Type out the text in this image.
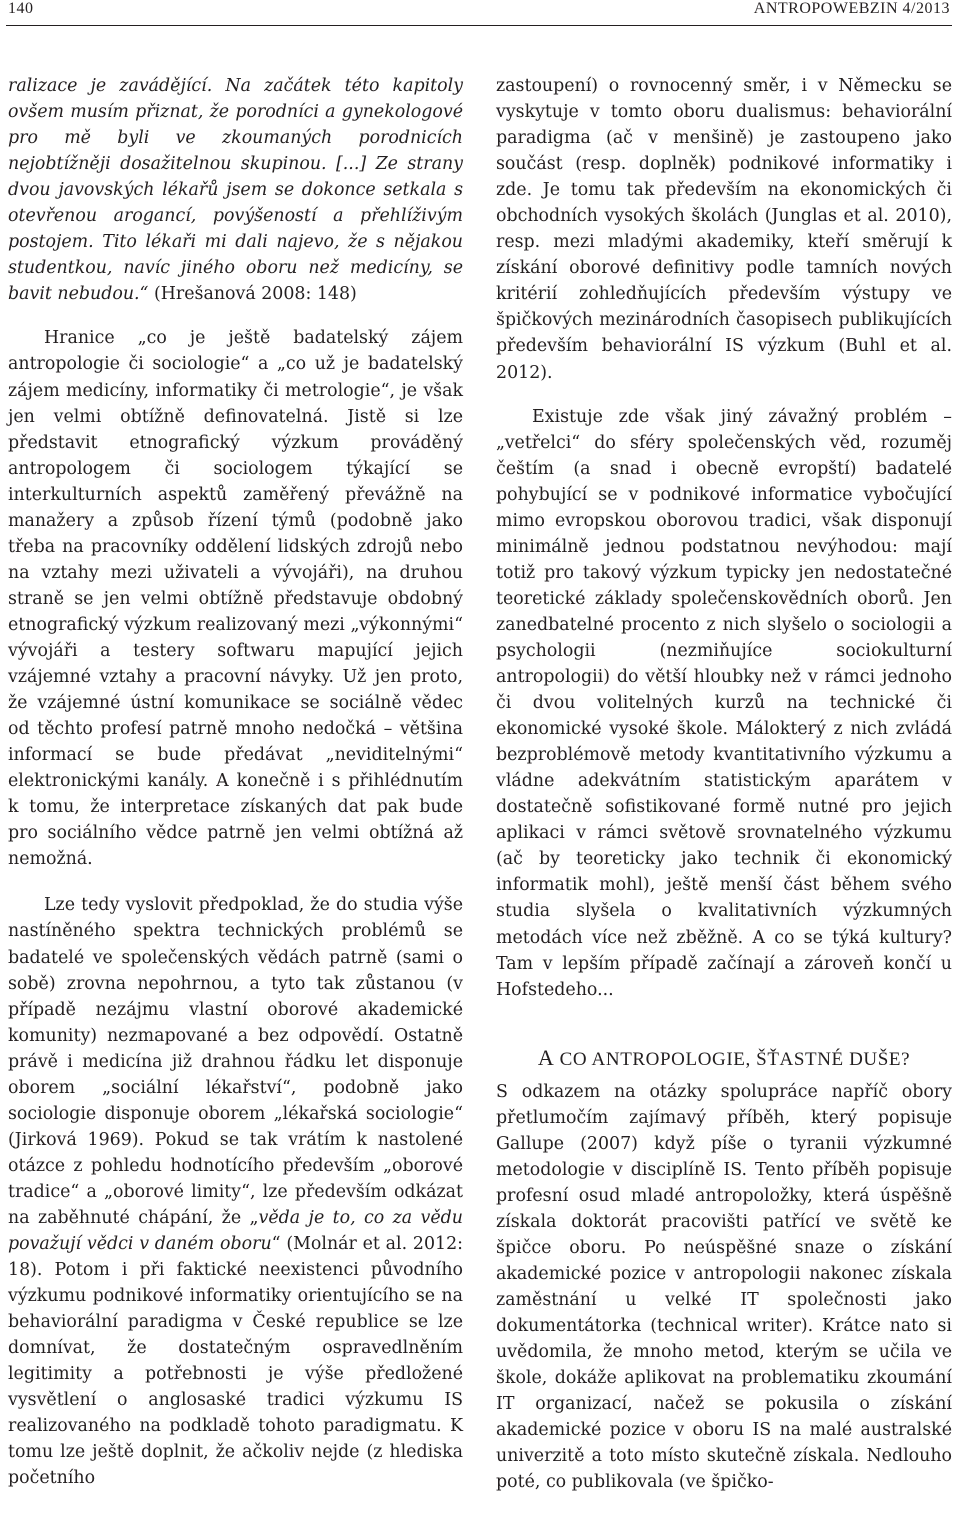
140	ANTROPOWEBZIN 4/2013

ralizace je zavádějící. Na začátek této kapitoly ovšem musím přiznat, že porodníci a gynekologové pro mě byli ve zkoumaných porodnicích nejobtížněji dosažitelnou skupinou. [...] Ze strany dvou javovských lékařů jsem se dokonce setkala s otevřenou arogancí, povýšeností a přehlíživým postojem. Tito lékaři mi dali najevo, že s nějakou studentkou, navíc jiného oboru než medicíny, se bavit nebudou.“ (Hrešanová 2008: 148)

Hranice „co je ještě badatelský zájem antropologie či sociologie“ a „co už je badatelský zájem medicíny, informatiky či metrologie“, je však jen velmi obtížně definovatelná. Jistě si lze představit etnografický výzkum prováděný antropologem či sociologem týkající se interkulturních aspektů zaměřený převážně na manažery a způsob řízení týmů (podobně jako třeba na pracovníky oddělení lidských zdrojů nebo na vztahy mezi uživateli a vývojáři), na druhou straně se jen velmi obtížně představuje obdobný etnografický výzkum realizovaný mezi „výkonnými“ vývojáři a testery softwaru mapující jejich vzájemné vztahy a pracovní návyky. Už jen proto, že vzájemné ústní komunikace se sociálně vědec od těchto profesí patrně mnoho nedočká – většina informací se bude předávat „neviditelnými“ elektronickými kanály. A konečně i s přihlédnutím k tomu, že interpretace získaných dat pak bude pro sociálního vědce patrně jen velmi obtížná až nemožná.

Lze tedy vyslovit předpoklad, že do studia výše nastíněného spektra technických problémů se badatelé ve společenských vědách patrně (sami o sobě) zrovna nepohrnou, a tyto tak zůstanou (v případě nezájmu vlastní oborové akademické komunity) nezmapované a bez odpovědí. Ostatně právě i medicína již drahnou řádku let disponuje oborem „sociální lékařství“, podobně jako sociologie disponuje oborem „lékařská sociologie“ (Jirková 1969). Pokud se tak vrátím k nastolené otázce z pohledu hodnotícího především „oborové tradice“ a „oborové limity“, lze především odkázat na zaběhnuté chápání, že „věda je to, co za vědu považují vědci v daném oboru“ (Molnár et al. 2012: 18). Potom i při faktické neexistenci původního výzkumu podnikové informatiky orientujícího se na behaviorální paradigma v České republice se lze domnívat, že dostatečným ospravedlněním legitimity a potřebnosti je výše předložené vysvětlení o anglosaské tradici výzkumu IS realizovaného na podkladě tohoto paradigmatu. K tomu lze ještě doplnit, že ačkoliv nejde (z hlediska početního

zastoupení) o rovnocenný směr, i v Německu se vyskytuje v tomto oboru dualismus: behaviorální paradigma (ač v menšině) je zastoupeno jako součást (resp. doplněk) podnikové informatiky i zde. Je tomu tak především na ekonomických či obchodních vysokých školách (Junglas et al. 2010), resp. mezi mladými akademiky, kteří směrují k získání oborové definitivy podle tamních nových kritérií zohledňujících především výstupy ve špičkových mezinárodních časopisech publikujících především behaviorální IS výzkum (Buhl et al. 2012).

Existuje zde však jiný závažný problém – „vetřelci“ do sféry společenských věd, rozuměj češtím (a snad i obecně evropští) badatelé pohybující se v podnikové informatice vybočující mimo evropskou oborovou tradici, však disponují minimálně jednou podstatnou nevýhodou: mají totiž pro takový výzkum typicky jen nedostatečné teoretické základy společenskovědních oborů. Jen zanedbatelné procento z nich slyšelo o sociologii a psychologii (nezmiňujíce sociokulturní antropologii) do větší hloubky než v rámci jednoho či dvou volitelných kurzů na technické či ekonomické vysoké škole. Málokterý z nich zvládá bezproblémově metody kvantitativního výzkumu a vládne adekvátním statistickým aparátem v dostatečně sofistikované formě nutné pro jejich aplikaci v rámci světově srovnatelného výzkumu (ač by teoreticky jako technik či ekonomický informatik mohl), ještě menší část během svého studia slyšela o kvalitativních výzkumných metodách více než zběžně. A co se týká kultury? Tam v lepším případě začínají a zároveň končí u Hofstedeho...

A CO ANTROPOLOGIE, ŠŤASTNÉ DUŠE?

S odkazem na otázky spolupráce napříč obory přetlumočím zajímavý příběh, který popisuje Gallupe (2007) když píše o tyranii výzkumné metodologie v disciplíně IS. Tento příběh popisuje profesní osud mladé antropoložky, která úspěšně získala doktorát pracovišti patřící ve světě ke špičce oboru. Po neúspěšné snaze o získání akademické pozice v antropologii nakonec získala zaměstnání u velké IT společnosti jako dokumentátorka (technical writer). Krátce nato si uvědomila, že mnoho metod, kterým se učila ve škole, dokáže aplikovat na problematiku zkoumání IT organizací, načež se pokusila o získání akademické pozice v oboru IS na malé australské univerzitě a toto místo skutečně získala. Nedlouho poté, co publikovala (ve špičko-
